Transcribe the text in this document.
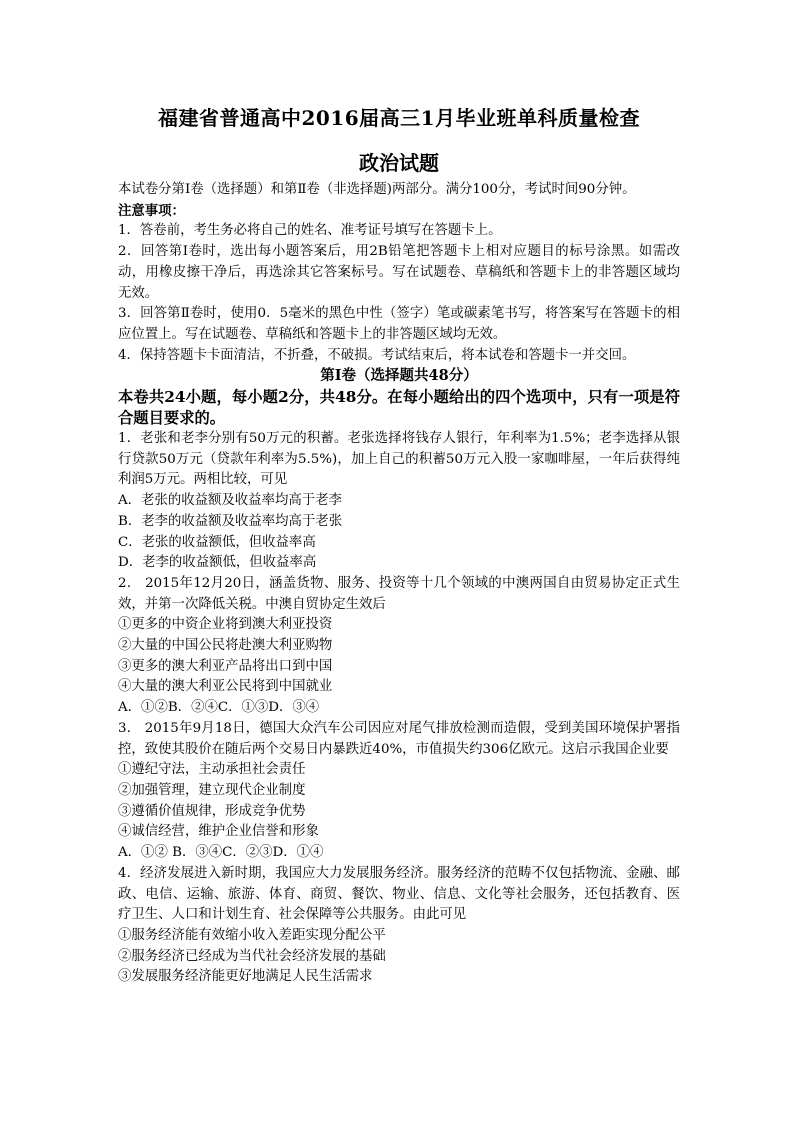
福建省普通高中2016届高三1月毕业班单科质量检查
政治试题

本试卷分第Ⅰ卷（选择题）和第Ⅱ卷（非选择题)两部分。满分100分，考试时间90分钟。

注意事项：

1．答卷前，考生务必将自己的姓名、准考证号填写在答题卡上。

2．回答第Ⅰ卷时，选出每小题答案后，用2B铅笔把答题卡上相对应题目的标号涂黑。如需改动，用橡皮擦干净后，再选涂其它答案标号。写在试题卷、草稿纸和答题卡上的非答题区域均无效。

3．回答第Ⅱ卷时，使用0．5毫米的黑色中性（签字）笔或碳素笔书写，将答案写在答题卡的相应位置上。写在试题卷、草稿纸和答题卡上的非答题区域均无效。

4．保持答题卡卡面清洁，不折叠，不破损。考试结束后，将本试卷和答题卡一并交回。

第Ⅰ卷（选择题共48分）

本卷共24小题，每小题2分，共48分。在每小题给出的四个选项中，只有一项是符合题目要求的。

1．老张和老李分别有50万元的积蓄。老张选择将钱存人银行，年利率为1.5%；老李选择从银行贷款50万元（贷款年利率为5.5%)，加上自己的积蓄50万元入股一家咖啡屋，一年后获得纯利润5万元。两相比较，可见

A．老张的收益额及收益率均高于老李

B．老李的收益额及收益率均高于老张

C．老张的收益额低，但收益率高

D．老李的收益额低，但收益率高

2． 2015年12月20日，涵盖货物、服务、投资等十几个领域的中澳两国自由贸易协定正式生效，并第一次降低关税。中澳自贸协定生效后

①更多的中资企业将到澳大利亚投资

②大量的中国公民将赴澳大利亚购物

③更多的澳大利亚产品将出口到中国

④大量的澳大利亚公民将到中国就业

A．①②B．②④C．①③D．③④

3． 2015年9月18日，德国大众汽车公司因应对尾气排放检测而造假，受到美国环境保护署指控，致使其股价在随后两个交易日内暴跌近40%，市值损失约306亿欧元。这启示我国企业要

①遵纪守法，主动承担社会责任

②加强管理，建立现代企业制度

③遵循价值规律，形成竞争优势

④诚信经营，维护企业信誉和形象

A．①② B．③④C．②③D．①④

4．经济发展进入新时期，我国应大力发展服务经济。服务经济的范畴不仅包括物流、金融、邮政、电信、运输、旅游、体育、商贸、餐饮、物业、信息、文化等社会服务，还包括教育、医疗卫生、人口和计划生育、社会保障等公共服务。由此可见

①服务经济能有效缩小收入差距实现分配公平

②服务经济已经成为当代社会经济发展的基础

③发展服务经济能更好地满足人民生活需求
